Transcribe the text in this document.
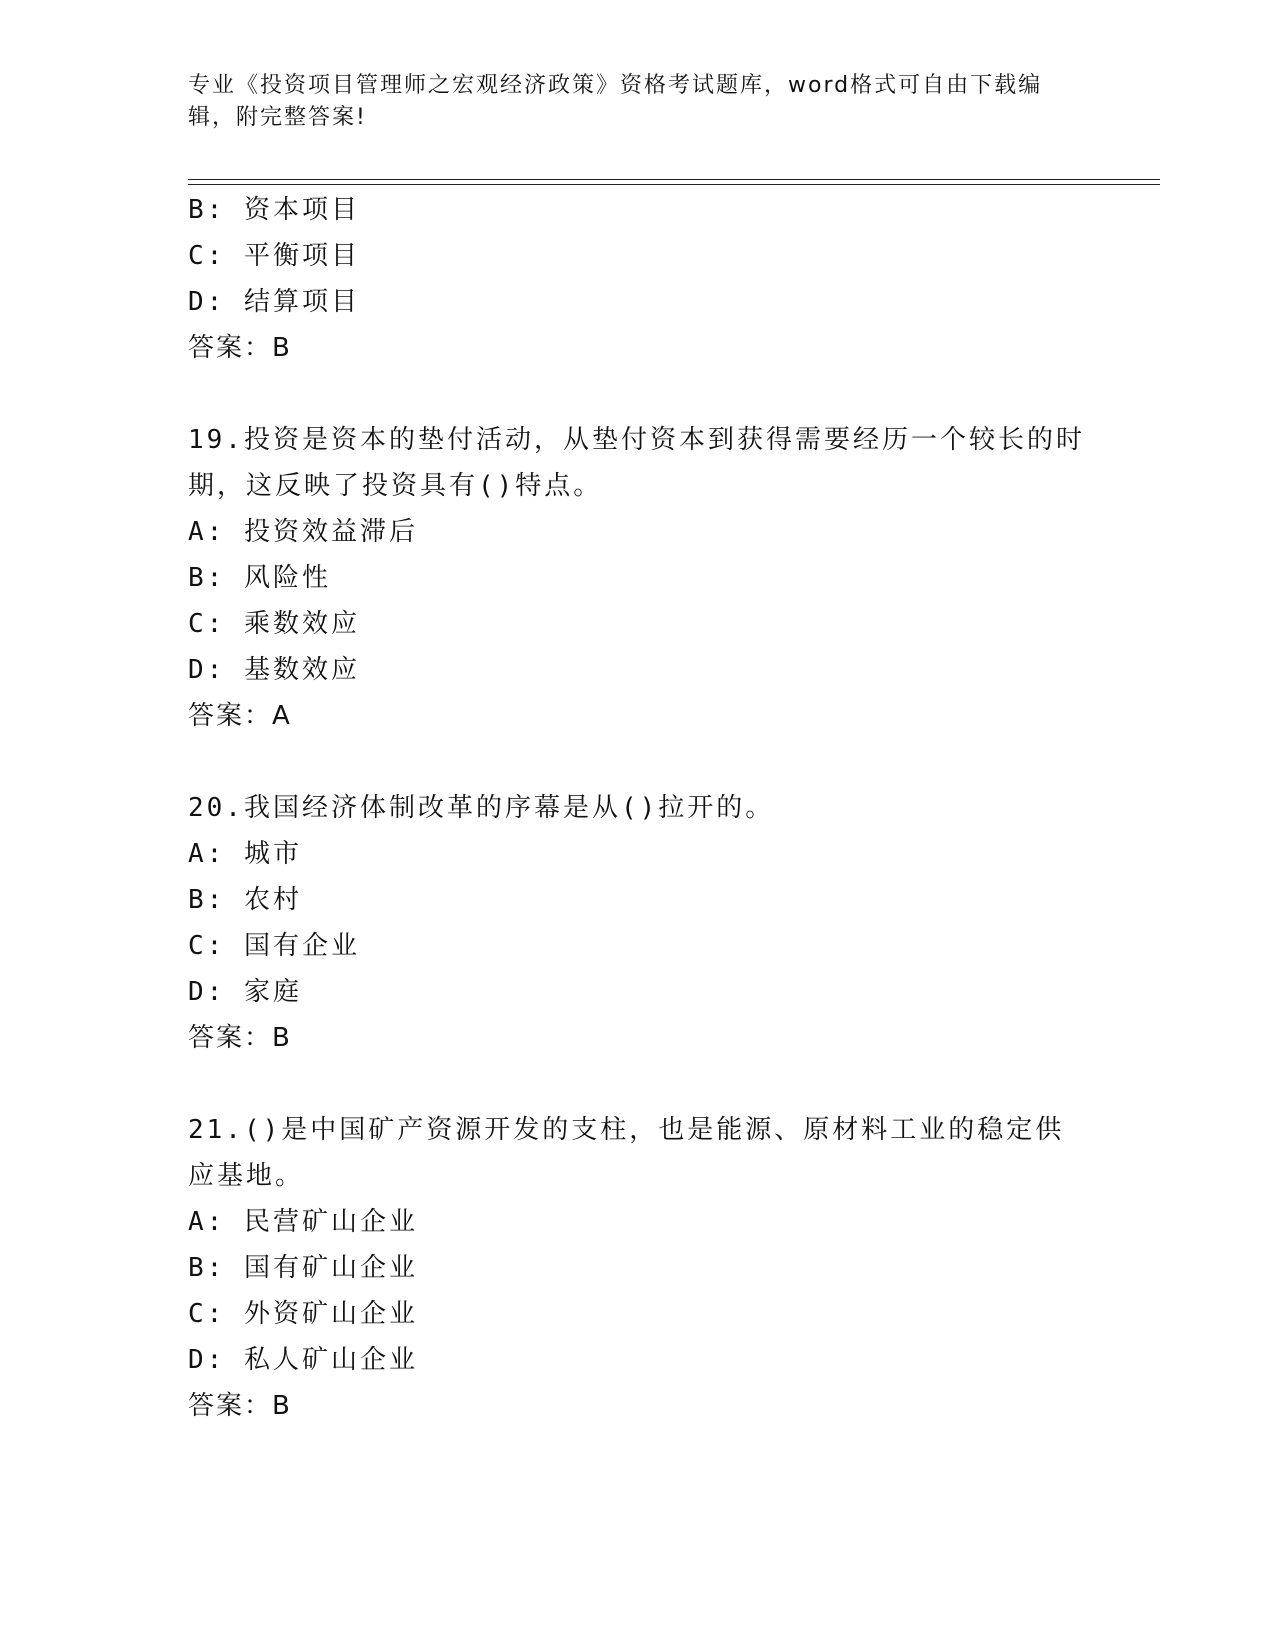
专业《投资项目管理师之宏观经济政策》资格考试题库，word格式可自由下载编辑，附完整答案!
B: 资本项目
C: 平衡项目
D: 结算项目
答案：B
19.投资是资本的垫付活动，从垫付资本到获得需要经历一个较长的时期，这反映了投资具有()特点。
A: 投资效益滞后
B: 风险性
C: 乘数效应
D: 基数效应
答案：A
20.我国经济体制改革的序幕是从()拉开的。
A: 城市
B: 农村
C: 国有企业
D: 家庭
答案：B
21.()是中国矿产资源开发的支柱，也是能源、原材料工业的稳定供应基地。
A: 民营矿山企业
B: 国有矿山企业
C: 外资矿山企业
D: 私人矿山企业
答案：B
